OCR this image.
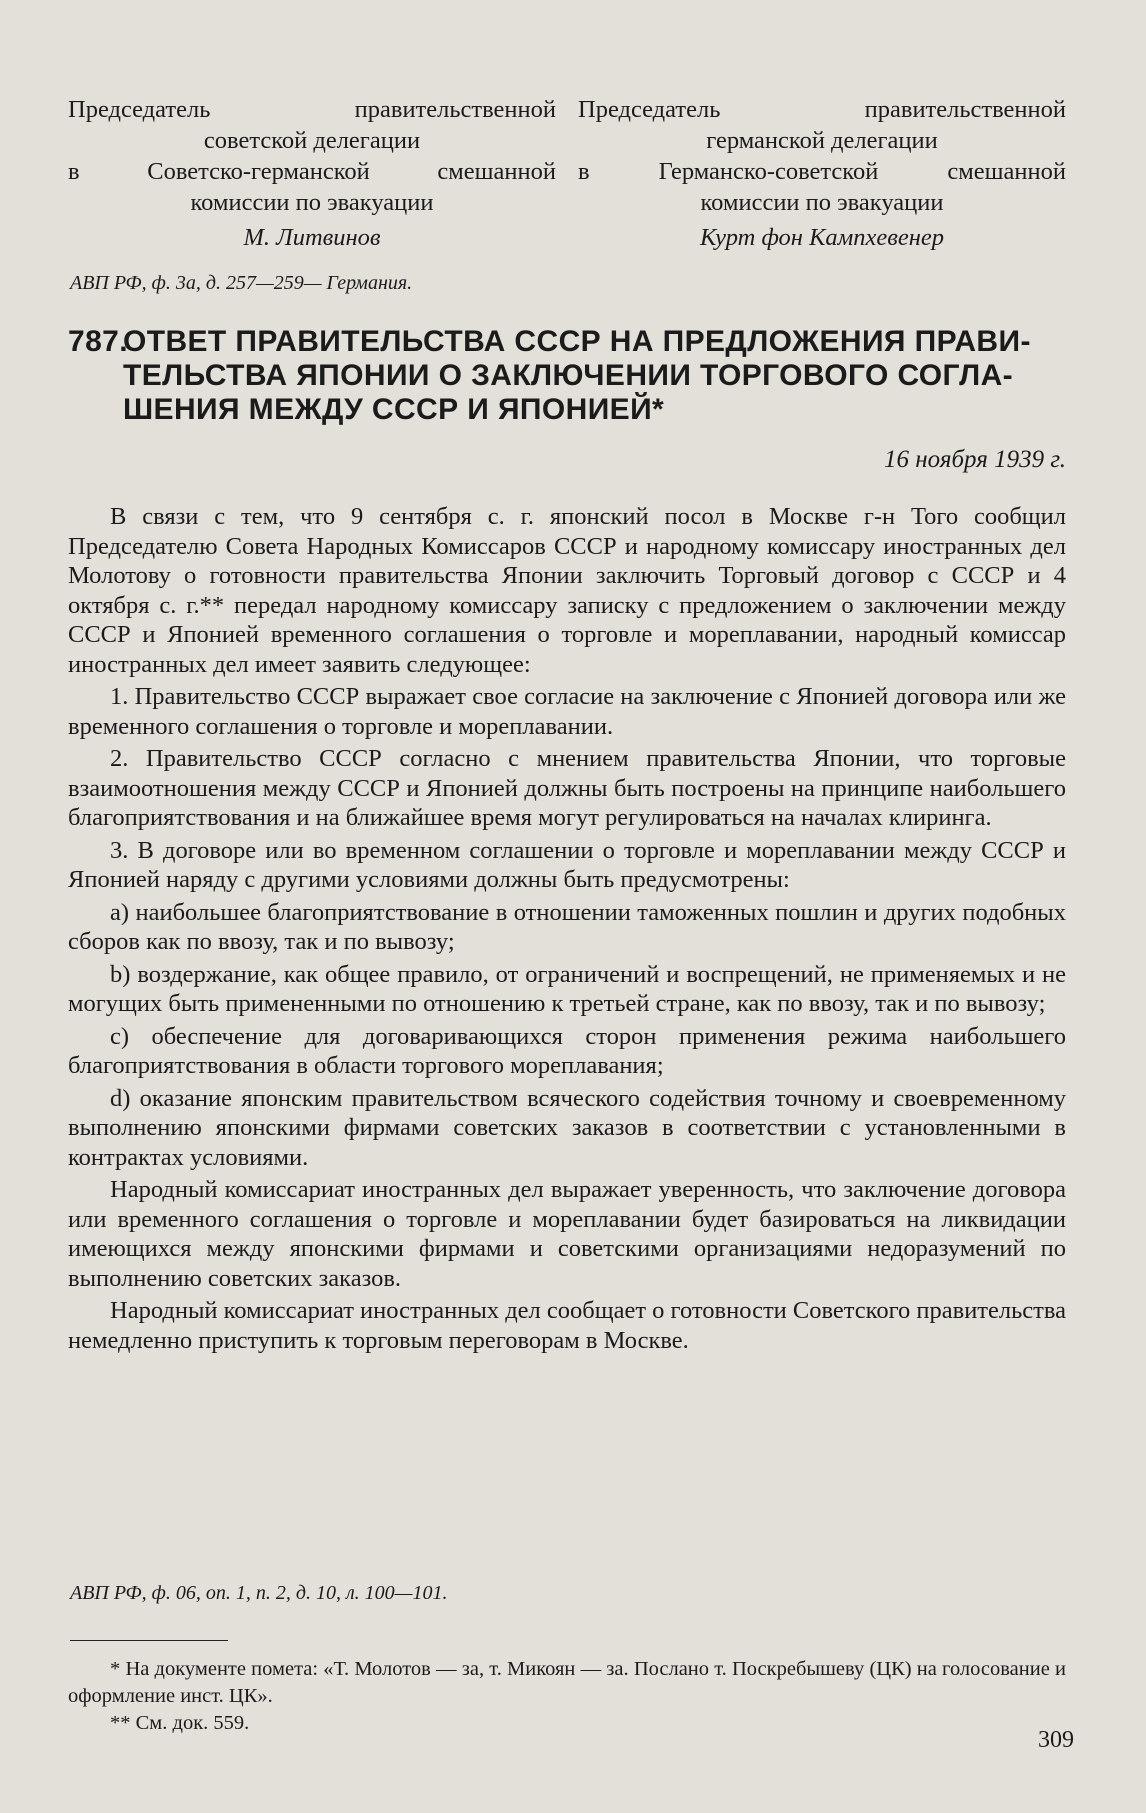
Председатель правительственной
советской делегации
в Советско-германской смешанной
комиссии по эвакуации
М. Литвинов
Председатель правительственной
германской делегации
в Германско-советской смешанной
комиссии по эвакуации
Курт фон Кампхевенер
АВП РФ, ф. 3а, д. 257—259— Германия.
787.
ОТВЕТ ПРАВИТЕЛЬСТВА СССР НА ПРЕДЛОЖЕНИЯ ПРАВИ-
ТЕЛЬСТВА ЯПОНИИ О ЗАКЛЮЧЕНИИ ТОРГОВОГО СОГЛА-
ШЕНИЯ МЕЖДУ СССР И ЯПОНИЕЙ*
16 ноября 1939 г.

В связи с тем, что 9 сентября с. г. японский посол в Москве г-н Того сообщил Председателю Совета Народных Комиссаров СССР и народному комиссару иностранных дел Молотову о готовности правительства Японии заключить Торговый договор с СССР и 4 октября с. г.** передал народному комиссару записку с предложением о заключении между СССР и Японией временного соглашения о торговле и мореплавании, народный комиссар иностранных дел имеет заявить следующее:

1. Правительство СССР выражает свое согласие на заключение с Японией договора или же временного соглашения о торговле и мореплавании.

2. Правительство СССР согласно с мнением правительства Японии, что торговые взаимоотношения между СССР и Японией должны быть построены на принципе наибольшего благоприятствования и на ближайшее время могут регулироваться на началах клиринга.

3. В договоре или во временном соглашении о торговле и мореплавании между СССР и Японией наряду с другими условиями должны быть предусмотрены:

a) наибольшее благоприятствование в отношении таможенных пошлин и других подобных сборов как по ввозу, так и по вывозу;

b) воздержание, как общее правило, от ограничений и воспрещений, не применяемых и не могущих быть примененными по отношению к третьей стране, как по ввозу, так и по вывозу;

c) обеспечение для договаривающихся сторон применения режима наибольшего благоприятствования в области торгового мореплавания;

d) оказание японским правительством всяческого содействия точному и своевременному выполнению японскими фирмами советских заказов в соответствии с установленными в контрактах условиями.

Народный комиссариат иностранных дел выражает уверенность, что заключение договора или временного соглашения о торговле и мореплавании будет базироваться на ликвидации имеющихся между японскими фирмами и советскими организациями недоразумений по выполнению советских заказов.

Народный комиссариат иностранных дел сообщает о готовности Советского правительства немедленно приступить к торговым переговорам в Москве.

АВП РФ, ф. 06, оп. 1, п. 2, д. 10, л. 100—101.
* На документе помета: «Т. Молотов — за, т. Микоян — за. Послано т. Поскребышеву (ЦК) на голосование и оформление инст. ЦК».
** См. док. 559.
309
